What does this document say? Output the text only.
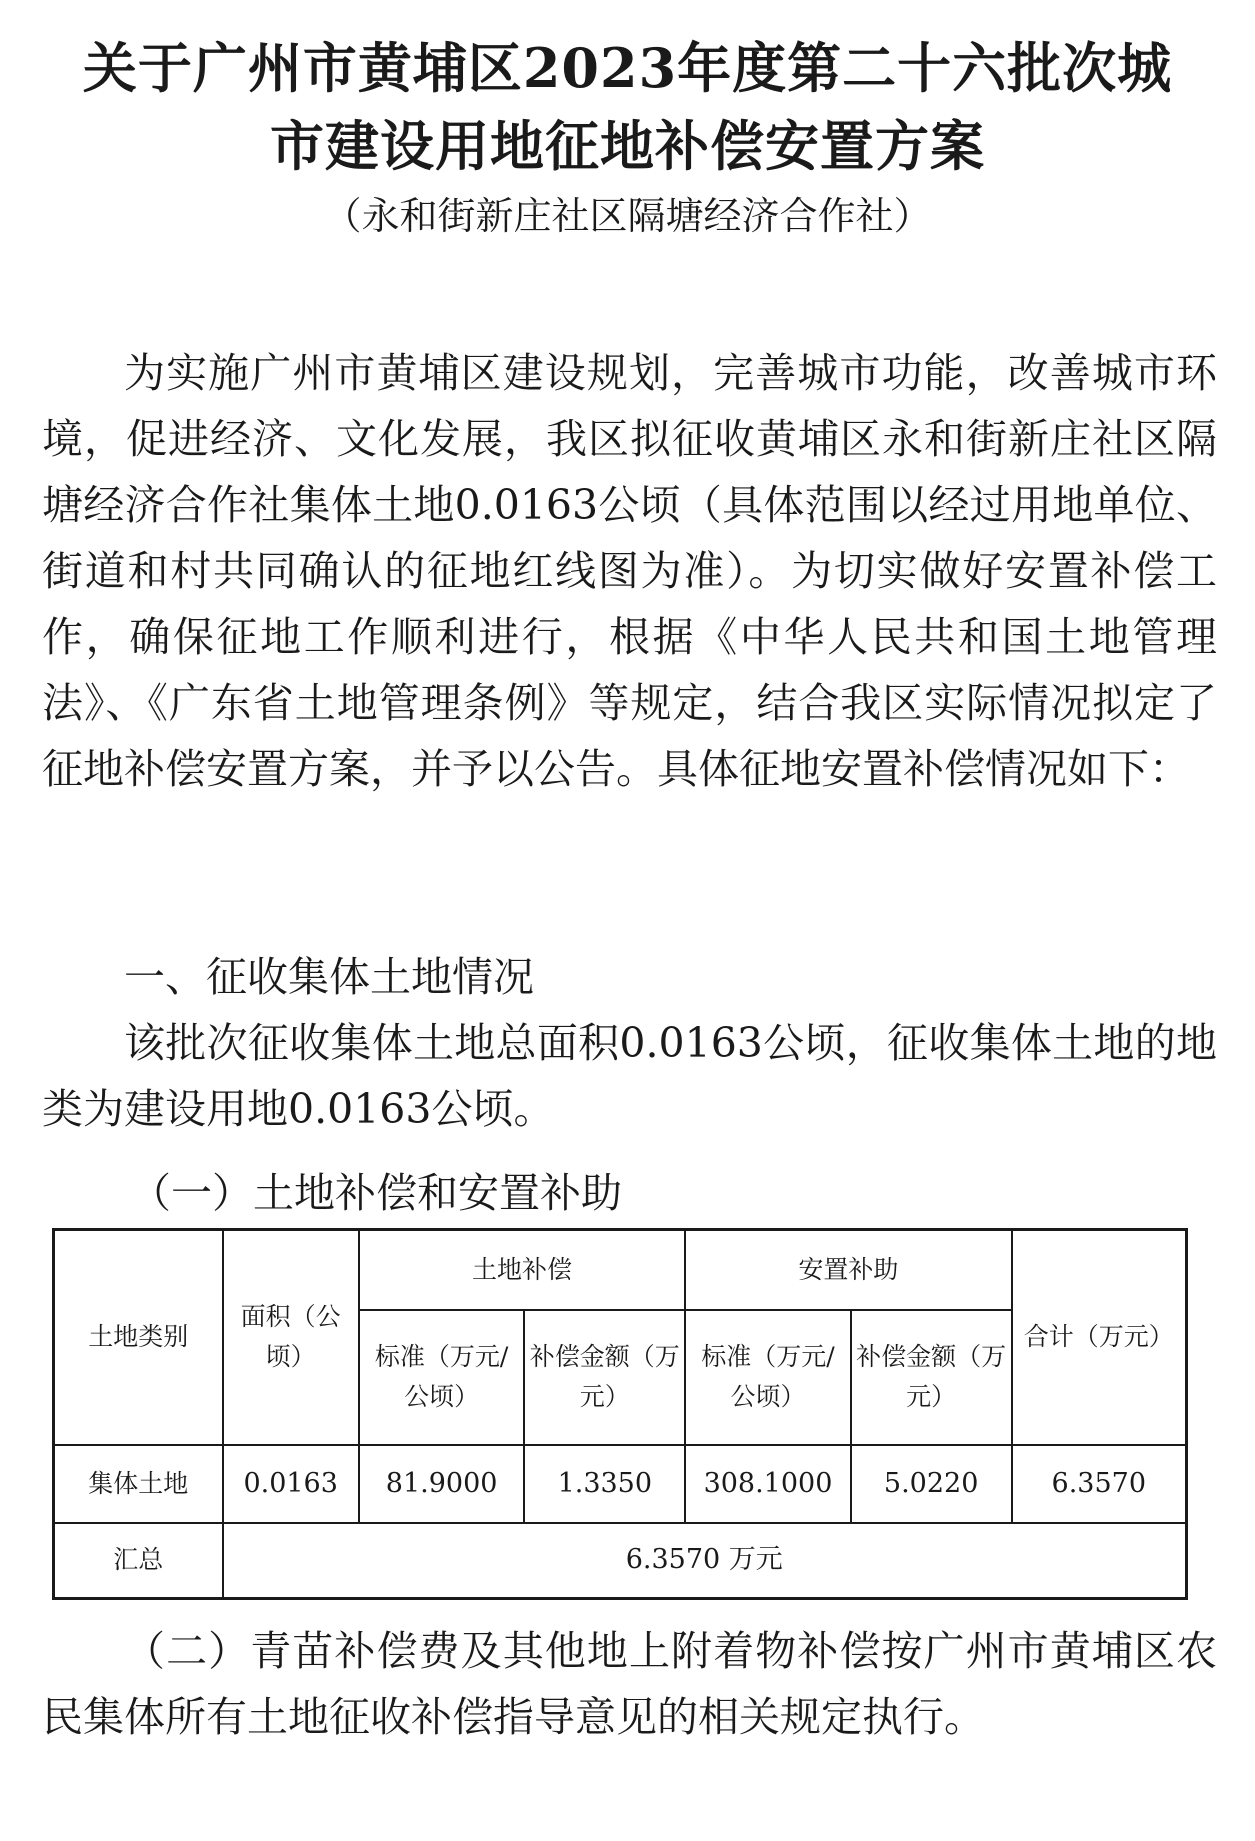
关于广州市黄埔区2023年度第二十六批次城
市建设用地征地补偿安置方案
（永和街新庄社区隔塘经济合作社）
为实施广州市黄埔区建设规划，完善城市功能，改善城市环境，促进经济、文化发展，我区拟征收黄埔区永和街新庄社区隔塘经济合作社集体土地0.0163公顷（具体范围以经过用地单位、街道和村共同确认的征地红线图为准）。为切实做好安置补偿工作，确保征地工作顺利进行，根据《中华人民共和国土地管理法》、《广东省土地管理条例》等规定，结合我区实际情况拟定了征地补偿安置方案，并予以公告。具体征地安置补偿情况如下：
一、征收集体土地情况
该批次征收集体土地总面积0.0163公顷，征收集体土地的地类为建设用地0.0163公顷。
（一）土地补偿和安置补助
土地类别	面积（公顷）	土地补偿		安置补助		合计（万元）
		标准（万元/公顷）	补偿金额（万元）	标准（万元/公顷）	补偿金额（万元）	
集体土地	0.0163	81.9000	1.3350	308.1000	5.0220	6.3570
汇总	6.3570 万元					
（二）青苗补偿费及其他地上附着物补偿按广州市黄埔区农民集体所有土地征收补偿指导意见的相关规定执行。
